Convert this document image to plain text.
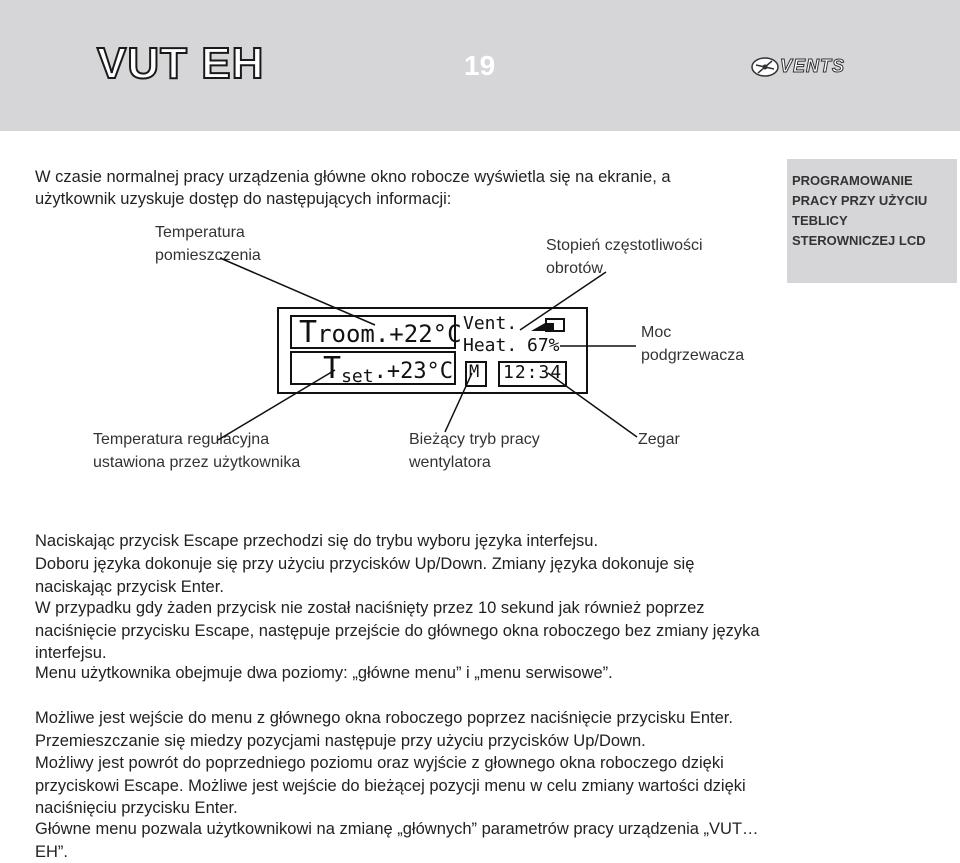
VUT EH	19	VENTS
W czasie normalnej pracy urządzenia główne okno robocze wyświetla się na ekranie, a użytkownik uzyskuje dostęp do następujących informacji:
PROGRAMOWANIE PRACY PRZY UŻYCIU TEBLICY STEROWNICZEJ LCD
Temperatura pomieszczenia
Stopień częstotliwości obrotów
Moc podgrzewacza
Temperatura regulacyjna ustawiona przez użytkownika
Bieżący tryb pracy wentylatora
Zegar
Troom.+22°C
Tset.+23°C
Vent.
Heat. 67%
M 12:34
Naciskając przycisk Escape przechodzi się do trybu wyboru języka interfejsu.
Doboru języka dokonuje się przy użyciu przycisków Up/Down. Zmiany języka dokonuje się naciskając przycisk Enter.
W przypadku gdy żaden przycisk nie został naciśnięty przez 10 sekund jak również poprzez naciśnięcie przycisku Escape, następuje przejście do głównego okna roboczego bez zmiany języka interfejsu.
Menu użytkownika obejmuje dwa poziomy: „główne menu” i „menu serwisowe”.
Możliwe jest wejście do menu z głównego okna roboczego poprzez naciśnięcie przycisku Enter.
Przemieszczanie się miedzy pozycjami następuje przy użyciu przycisków Up/Down.
Możliwy jest powrót do poprzedniego poziomu oraz wyjście z głownego okna roboczego dzięki przyciskowi Escape. Możliwe jest wejście do bieżącej pozycji menu w celu zmiany wartości dzięki naciśnięciu przycisku Enter.
Główne menu pozwala użytkownikowi na zmianę „głównych” parametrów pracy urządzenia „VUT…EH”.
